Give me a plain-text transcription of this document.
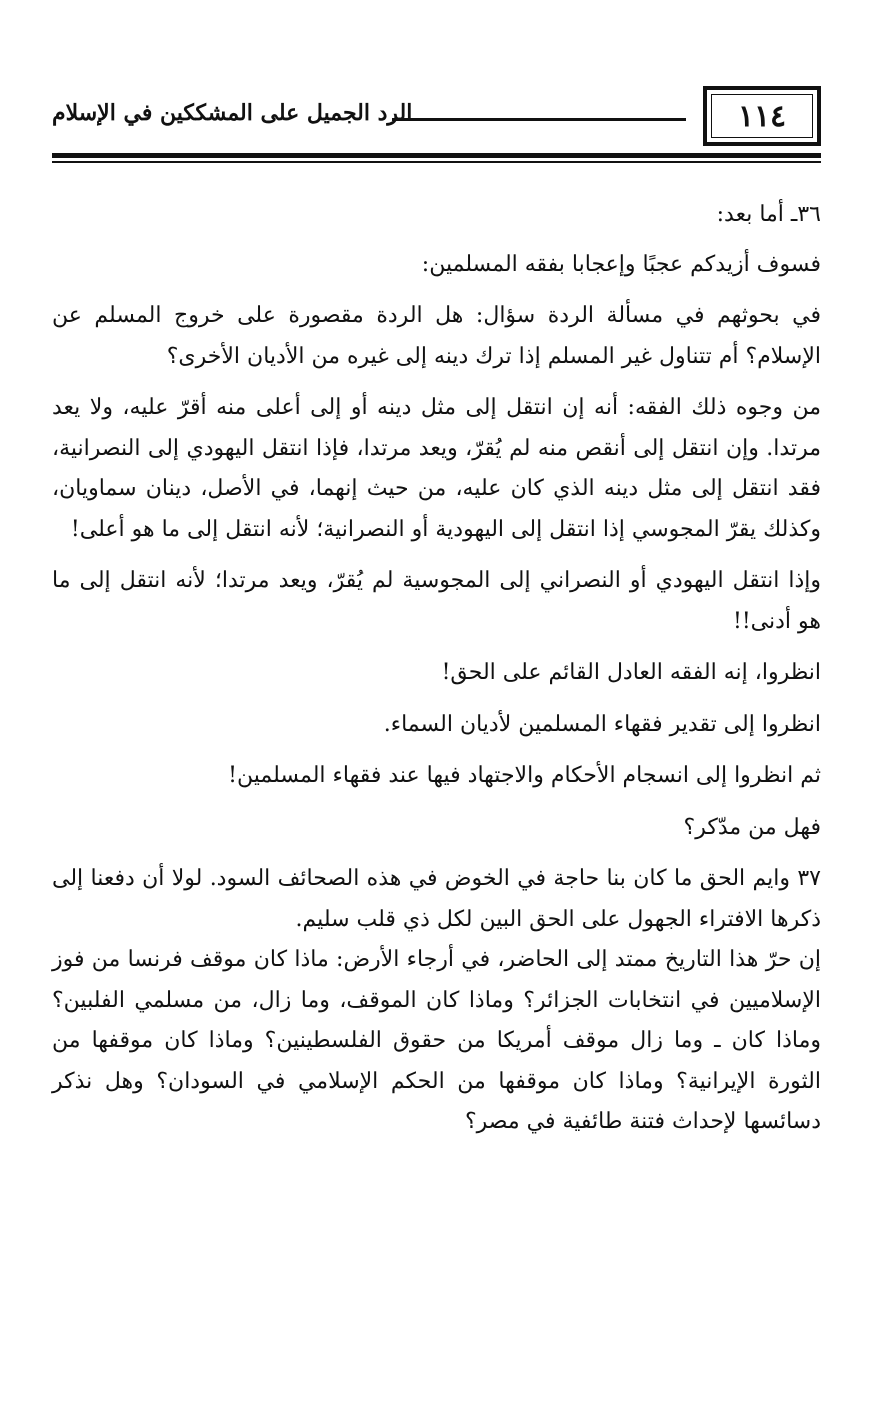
١١٤
الرد الجميل على المشككين في الإسلام

٣٦ـ أما بعد:

فسوف أزيدكم عجبًا وإعجابا بفقه المسلمين:

في بحوثهم في مسألة الردة سؤال: هل الردة مقصورة على خروج المسلم عن الإسلام؟ أم تتناول غير المسلم إذا ترك دينه إلى غيره من الأديان الأخرى؟

من وجوه ذلك الفقه: أنه إن انتقل إلى مثل دينه أو إلى أعلى منه أقرّ عليه، ولا يعد مرتدا. وإن انتقل إلى أنقص منه لم يُقرّ، ويعد مرتدا، فإذا انتقل اليهودي إلى النصرانية، فقد انتقل إلى مثل دينه الذي كان عليه، من حيث إنهما، في الأصل، دينان سماويان، وكذلك يقرّ المجوسي إذا انتقل إلى اليهودية أو النصرانية؛ لأنه انتقل إلى ما هو أعلى!

وإذا انتقل اليهودي أو النصراني إلى المجوسية لم يُقرّ، ويعد مرتدا؛ لأنه انتقل إلى ما هو أدنى!!

انظروا، إنه الفقه العادل القائم على الحق!

انظروا إلى تقدير فقهاء المسلمين لأديان السماء.

ثم انظروا إلى انسجام الأحكام والاجتهاد فيها عند فقهاء المسلمين!

فهل من مدّكر؟

٣٧ وايم الحق ما كان بنا حاجة في الخوض في هذه الصحائف السود. لولا أن دفعنا إلى ذكرها الافتراء الجهول على الحق البين لكل ذي قلب سليم.

إن حرّ هذا التاريخ ممتد إلى الحاضر، في أرجاء الأرض: ماذا كان موقف فرنسا من فوز الإسلاميين في انتخابات الجزائر؟ وماذا كان الموقف، وما زال، من مسلمي الفلبين؟ وماذا كان ـ وما زال موقف أمريكا من حقوق الفلسطينين؟ وماذا كان موقفها من الثورة الإيرانية؟ وماذا كان موقفها من الحكم الإسلامي في السودان؟ وهل نذكر دسائسها لإحداث فتنة طائفية في مصر؟
